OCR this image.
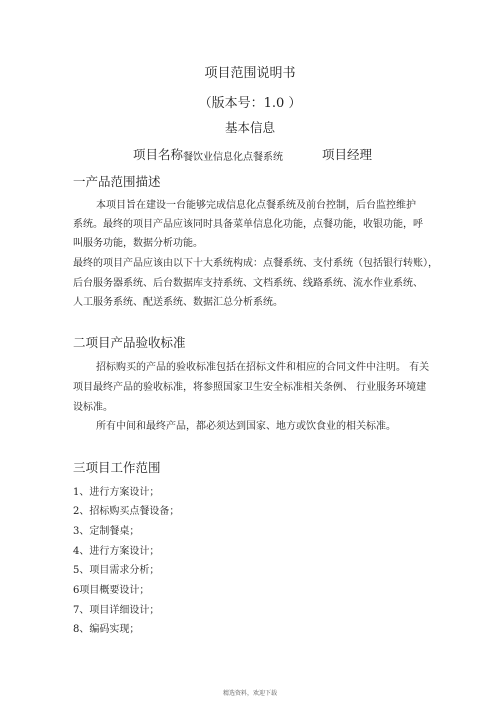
项目范围说明书
（版本号：1.0 ）
基本信息
项目名称 餐饮业信息化点餐系统	项目经理
一产品范围描述
本项目旨在建设一台能够完成信息化点餐系统及前台控制，后台监控维护
系统。最终的项目产品应该同时具备菜单信息化功能，点餐功能，收银功能，呼
叫服务功能，数据分析功能。
最终的项目产品应该由以下十大系统构成：点餐系统、支付系统（包括银行转账），
后台服务器系统、后台数据库支持系统、文档系统、线路系统、流水作业系统、
人工服务系统、配送系统、数据汇总分析系统。
二项目产品验收标准
招标购买的产品的验收标准包括在招标文件和相应的合同文件中注明。 有关
项目最终产品的验收标准，将参照国家卫生安全标准相关条例、 行业服务环境建
设标准。
所有中间和最终产品，都必须达到国家、地方或饮食业的相关标准。
三项目工作范围
1、进行方案设计；
2、招标购买点餐设备；
3、定制餐桌；
4、进行方案设计；
5、项目需求分析；
6项目概要设计；
7、项目详细设计；
8、编码实现；
精选资料，欢迎下载
